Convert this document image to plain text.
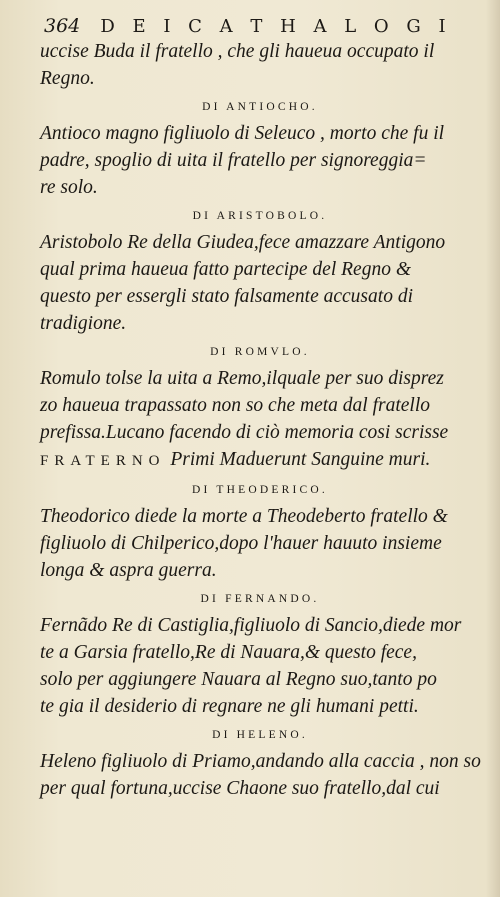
364 D E I C A T H A L O G I
uccise Buda il fratello , che gli haueua occupato il
Regno.
DI ANTIOCHO.
Antioco magno figliuolo di Seleuco , morto che fu il
padre, spoglio di uita il fratello per signoreggia=
re solo.
DI ARISTOBOLO.
Aristobolo Re della Giudea,fece amazzare Antigono
qual prima haueua fatto partecipe del Regno &
questo per essergli stato falsamente accusato di
tradigione.
DI ROMVLO.
Romulo tolse la uita a Remo,ilquale per suo disprez
zo haueua trapassato non so che meta dal fratello
prefissa.Lucano facendo di ciò memoria cosi scrisse
FRATERNO Primi Maduerunt Sanguine muri.
DI THEODERICO.
Theodorico diede la morte a Theodeberto fratello &
figliuolo di Chilperico,dopo l'hauer hauuto insieme
longa & aspra guerra.
DI FERNANDO.
Fernãdo Re di Castiglia,figliuolo di Sancio,diede mor
te a Garsia fratello,Re di Nauara,& questo fece,
solo per aggiungere Nauara al Regno suo,tanto po
te gia il desiderio di regnare ne gli humani petti.
DI HELENO.
Heleno figliuolo di Priamo,andando alla caccia , non so
per qual fortuna,uccise Chaone suo fratello,dal cui
